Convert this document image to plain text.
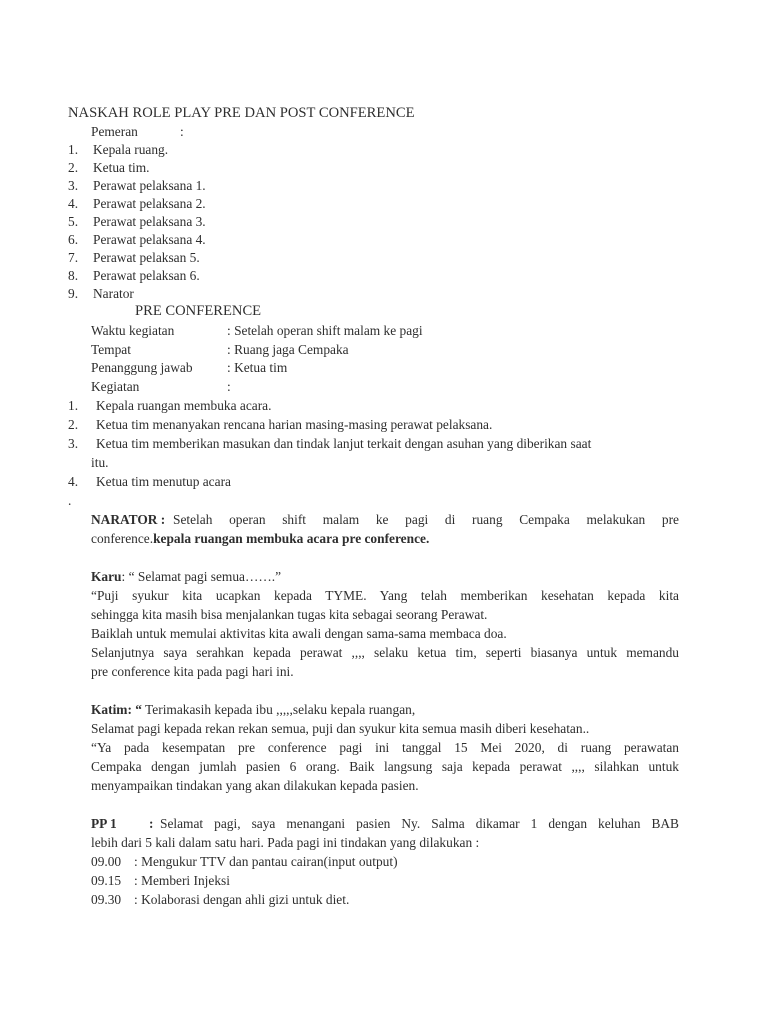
NASKAH ROLE PLAY PRE DAN POST CONFERENCE
Pemeran	:
1. Kepala ruang.
2. Ketua tim.
3. Perawat pelaksana 1.
4. Perawat pelaksana 2.
5. Perawat pelaksana 3.
6. Perawat pelaksana 4.
7. Perawat pelaksan 5.
8. Perawat pelaksan 6.
9. Narator
PRE CONFERENCE
Waktu kegiatan	: Setelah operan shift malam ke pagi
Tempat	: Ruang jaga Cempaka
Penanggung jawab	: Ketua tim
Kegiatan	:
1. Kepala ruangan membuka acara.
2. Ketua tim menanyakan rencana harian masing-masing perawat pelaksana.
3. Ketua tim memberikan masukan dan tindak lanjut terkait dengan asuhan yang diberikan saat
itu.
4. Ketua tim menutup acara
.
NARATOR : Setelah operan shift malam ke pagi di ruang Cempaka melakukan pre
conference.kepala ruangan membuka acara pre conference.
Karu: “ Selamat pagi semua…….”
“Puji syukur kita ucapkan kepada TYME. Yang telah memberikan kesehatan kepada kita
sehingga kita masih bisa menjalankan tugas kita sebagai seorang Perawat.
Baiklah untuk memulai aktivitas kita awali dengan sama-sama membaca doa.
Selanjutnya saya serahkan kepada perawat ,,,, selaku ketua tim, seperti biasanya untuk memandu
pre conference kita pada pagi hari ini.
Katim: “ Terimakasih kepada ibu ,,,,,selaku kepala ruangan,
Selamat pagi kepada rekan rekan semua, puji dan syukur kita semua masih diberi kesehatan..
“Ya pada kesempatan pre conference pagi ini tanggal 15 Mei 2020, di ruang perawatan
Cempaka dengan jumlah pasien 6 orang. Baik langsung saja kepada perawat ,,,, silahkan untuk
menyampaikan tindakan yang akan dilakukan kepada pasien.
PP 1 : Selamat pagi, saya menangani pasien Ny. Salma dikamar 1 dengan keluhan BAB
lebih dari 5 kali dalam satu hari. Pada pagi ini tindakan yang dilakukan :
09.00 : Mengukur TTV dan pantau cairan(input output)
09.15 : Memberi Injeksi
09.30 : Kolaborasi dengan ahli gizi untuk diet.
